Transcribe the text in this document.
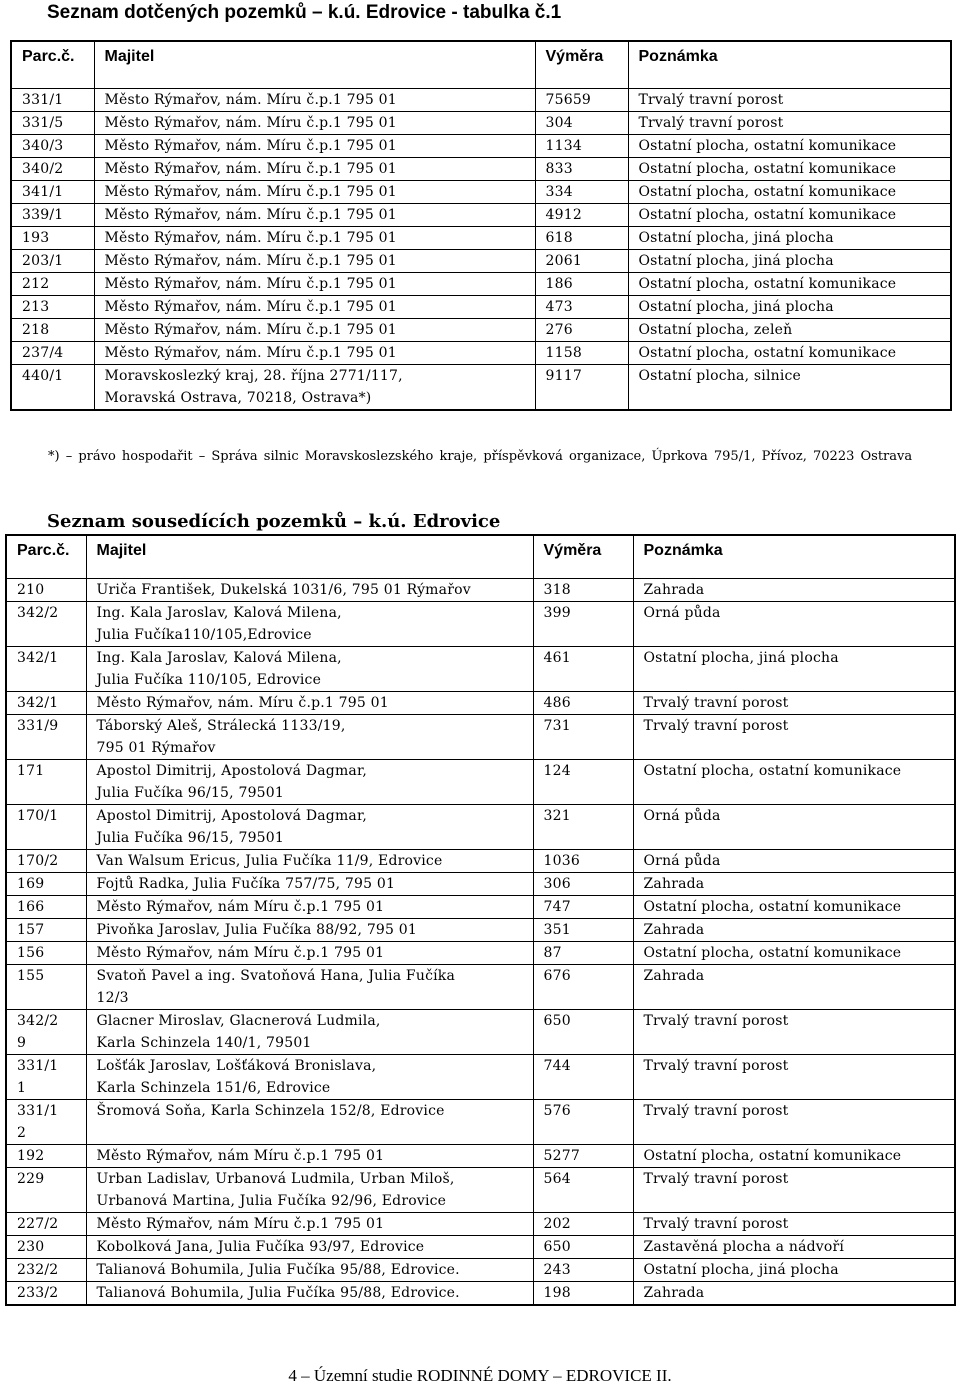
Seznam dotčených pozemků – k.ú. Edrovice - tabulka č.1
Parc.č.	Majitel	Výměra	Poznámka
331/1	Město Rýmařov, nám. Míru č.p.1 795 01	75659	Trvalý travní porost
331/5	Město Rýmařov, nám. Míru č.p.1 795 01	304	Trvalý travní porost
340/3	Město Rýmařov, nám. Míru č.p.1 795 01	1134	Ostatní plocha, ostatní komunikace
340/2	Město Rýmařov, nám. Míru č.p.1 795 01	833	Ostatní plocha, ostatní komunikace
341/1	Město Rýmařov, nám. Míru č.p.1 795 01	334	Ostatní plocha, ostatní komunikace
339/1	Město Rýmařov, nám. Míru č.p.1 795 01	4912	Ostatní plocha, ostatní komunikace
193	Město Rýmařov, nám. Míru č.p.1 795 01	618	Ostatní plocha, jiná plocha
203/1	Město Rýmařov, nám. Míru č.p.1 795 01	2061	Ostatní plocha, jiná plocha
212	Město Rýmařov, nám. Míru č.p.1 795 01	186	Ostatní plocha, ostatní komunikace
213	Město Rýmařov, nám. Míru č.p.1 795 01	473	Ostatní plocha, jiná plocha
218	Město Rýmařov, nám. Míru č.p.1 795 01	276	Ostatní plocha, zeleň
237/4	Město Rýmařov, nám. Míru č.p.1 795 01	1158	Ostatní plocha, ostatní komunikace
440/1	Moravskoslezký kraj, 28. října 2771/117,
Moravská Ostrava, 70218, Ostrava*)	9117	Ostatní plocha, silnice

*) – právo hospodařit – Správa silnic Moravskoslezského kraje, příspěvková organizace, Úprkova 795/1, Přívoz, 70223 Ostrava

Seznam sousedících pozemků – k.ú. Edrovice
Parc.č.	Majitel	Výměra	Poznámka

210	Uriča František, Dukelská 1031/6, 795 01 Rýmařov	318	Zahrada

342/2	Ing. Kala Jaroslav, Kalová Milena,
Julia Fučíka110/105,Edrovice	399	Orná půda

342/1	Ing. Kala Jaroslav, Kalová Milena,
Julia Fučíka 110/105, Edrovice	461	Ostatní plocha, jiná plocha

342/1	Město Rýmařov, nám. Míru č.p.1 795 01	486	Trvalý travní porost

331/9	Táborský Aleš, Strálecká 1133/19,
795 01 Rýmařov	731	Trvalý travní porost

171	Apostol Dimitrij, Apostolová Dagmar,
Julia Fučíka 96/15, 79501	124	Ostatní plocha, ostatní komunikace

170/1	Apostol Dimitrij, Apostolová Dagmar,
Julia Fučíka 96/15, 79501	321	Orná půda

170/2	Van Walsum Ericus, Julia Fučíka 11/9, Edrovice	1036	Orná půda

169	Fojtů Radka, Julia Fučíka 757/75, 795 01	306	Zahrada

166	Město Rýmařov, nám Míru č.p.1 795 01	747	Ostatní plocha, ostatní komunikace

157	Pivoňka Jaroslav, Julia Fučíka 88/92, 795 01	351	Zahrada

156	Město Rýmařov, nám Míru č.p.1 795 01	87	Ostatní plocha, ostatní komunikace

155	Svatoň Pavel a ing. Svatoňová Hana, Julia Fučíka
12/3	676	Zahrada

342/2
9	Glacner Miroslav, Glacnerová Ludmila,
Karla Schinzela 140/1, 79501	650	Trvalý travní porost

331/1
1	Lošťák Jaroslav, Lošťáková Bronislava,
Karla Schinzela 151/6, Edrovice	744	Trvalý travní porost

331/1
2	Šromová Soňa, Karla Schinzela 152/8, Edrovice	576	Trvalý travní porost

192	Město Rýmařov, nám Míru č.p.1 795 01	5277	Ostatní plocha, ostatní komunikace

229	Urban Ladislav, Urbanová Ludmila, Urban Miloš,
Urbanová Martina, Julia Fučíka 92/96, Edrovice	564	Trvalý travní porost

227/2	Město Rýmařov, nám Míru č.p.1 795 01	202	Trvalý travní porost

230	Kobolková Jana, Julia Fučíka 93/97, Edrovice	650	Zastavěná plocha a nádvoří

232/2	Talianová Bohumila, Julia Fučíka 95/88, Edrovice.	243	Ostatní plocha, jiná plocha

233/2	Talianová Bohumila, Julia Fučíka 95/88, Edrovice.	198	Zahrada

4 – Územní studie RODINNÉ DOMY – EDROVICE II.
